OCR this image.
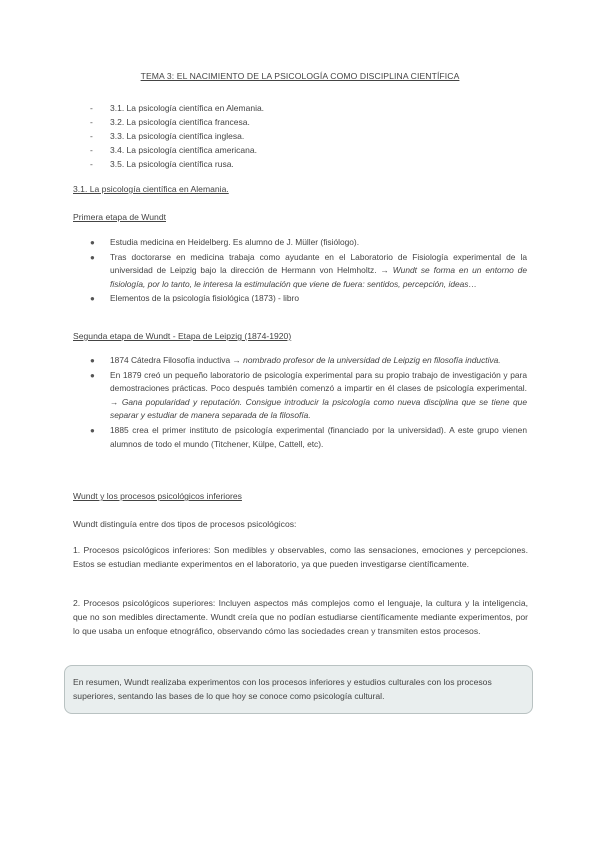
TEMA 3: EL NACIMIENTO DE LA PSICOLOGÍA COMO DISCIPLINA CIENTÍFICA
- 3.1. La psicología científica en Alemania.
- 3.2. La psicología científica francesa.
- 3.3. La psicología científica inglesa.
- 3.4. La psicología científica americana.
- 3.5. La psicología científica rusa.
3.1. La psicología científica en Alemania.
Primera etapa de Wundt
● Estudia medicina en Heidelberg. Es alumno de J. Müller (fisiólogo).
● Tras doctorarse en medicina trabaja como ayudante en el Laboratorio de Fisiología experimental de la universidad de Leipzig bajo la dirección de Hermann von Helmholtz. → Wundt se forma en un entorno de fisiología, por lo tanto, le interesa la estimulación que viene de fuera: sentidos, percepción, ideas…
● Elementos de la psicología fisiológica (1873) - libro
Segunda etapa de Wundt - Etapa de Leipzig (1874-1920)
● 1874 Cátedra Filosofía inductiva → nombrado profesor de la universidad de Leipzig en filosofía inductiva.
● En 1879 creó un pequeño laboratorio de psicología experimental para su propio trabajo de investigación y para demostraciones prácticas. Poco después también comenzó a impartir en él clases de psicología experimental. → Gana popularidad y reputación. Consigue introducir la psicología como nueva disciplina que se tiene que separar y estudiar de manera separada de la filosofía.
● 1885 crea el primer instituto de psicología experimental (financiado por la universidad). A este grupo vienen alumnos de todo el mundo (Titchener, Külpe, Cattell, etc).
Wundt y los procesos psicológicos inferiores
Wundt distinguía entre dos tipos de procesos psicológicos:
1. Procesos psicológicos inferiores: Son medibles y observables, como las sensaciones, emociones y percepciones. Estos se estudian mediante experimentos en el laboratorio, ya que pueden investigarse científicamente.
2. Procesos psicológicos superiores: Incluyen aspectos más complejos como el lenguaje, la cultura y la inteligencia, que no son medibles directamente. Wundt creía que no podían estudiarse científicamente mediante experimentos, por lo que usaba un enfoque etnográfico, observando cómo las sociedades crean y transmiten estos procesos.
En resumen, Wundt realizaba experimentos con los procesos inferiores y estudios culturales con los procesos superiores, sentando las bases de lo que hoy se conoce como psicología cultural.
